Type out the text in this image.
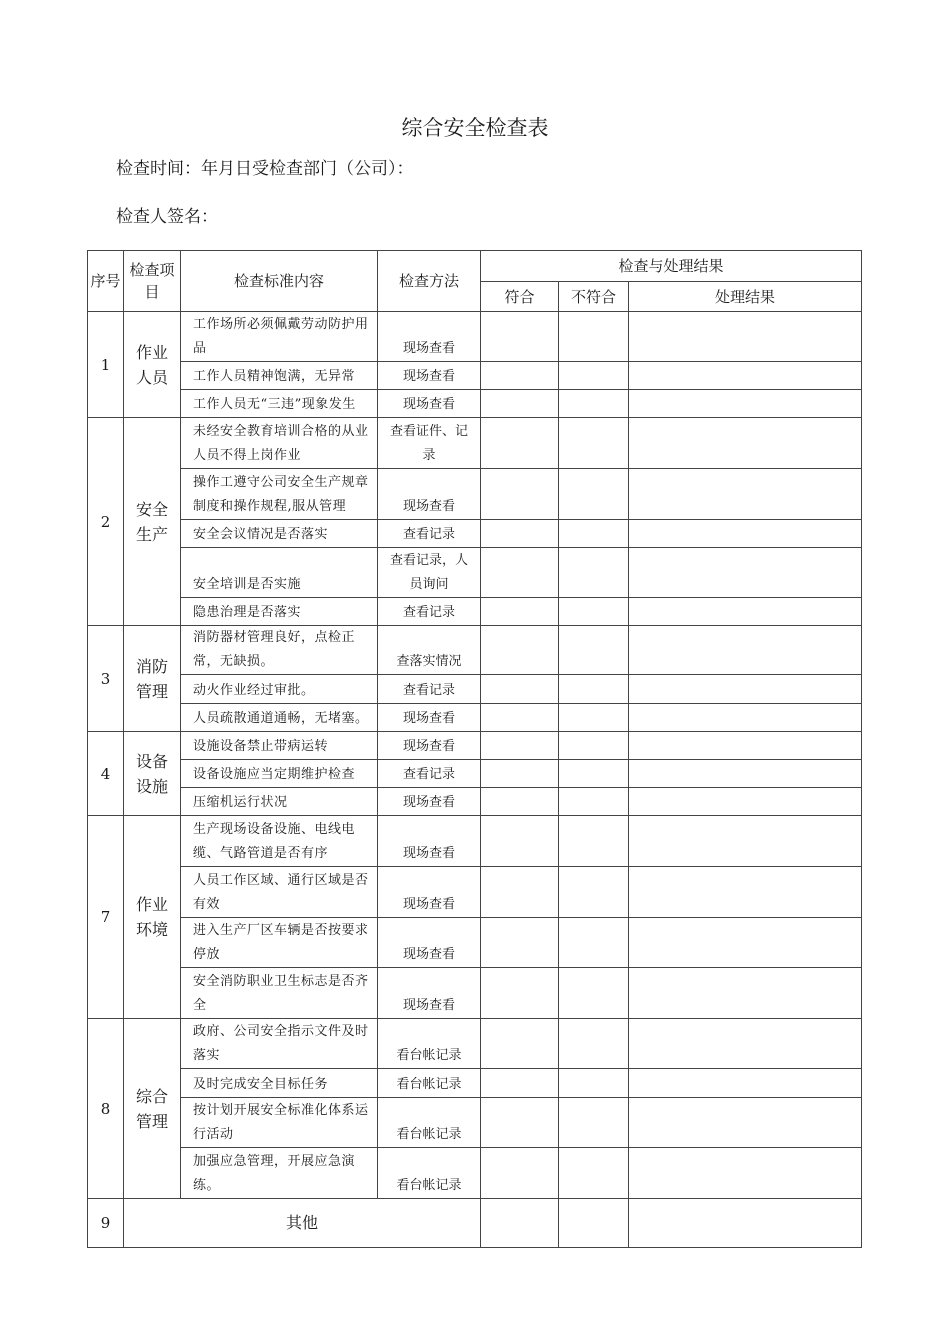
综合安全检查表
检查时间：年月日受检查部门（公司）：
检查人签名：
序号	检查项目	检查标准内容	检查方法	检查与处理结果		
				符合	不符合	处理结果
1	作业人员	工作场所必须佩戴劳动防护用品	现场查看			
		工作人员精神饱满，无异常	现场查看			
		工作人员无“三违”现象发生	现场查看			
2	安全生产	未经安全教育培训合格的从业人员不得上岗作业	查看证件、记录			
		操作工遵守公司安全生产规章制度和操作规程,服从管理	现场查看			
		安全会议情况是否落实	查看记录			
		安全培训是否实施	查看记录，人员询问			
		隐患治理是否落实	查看记录			
3	消防管理	消防器材管理良好，点检正常，无缺损。	查落实情况			
		动火作业经过审批。	查看记录			
		人员疏散通道通畅，无堵塞。	现场查看			
4	设备设施	设施设备禁止带病运转	现场查看			
		设备设施应当定期维护检查	查看记录			
		压缩机运行状况	现场查看			
7	作业环境	生产现场设备设施、电线电缆、气路管道是否有序	现场查看			
		人员工作区域、通行区域是否有效	现场查看			
		进入生产厂区车辆是否按要求停放	现场查看			
		安全消防职业卫生标志是否齐全	现场查看			
8	综合管理	政府、公司安全指示文件及时落实	看台帐记录			
		及时完成安全目标任务	看台帐记录			
		按计划开展安全标准化体系运行活动	看台帐记录			
		加强应急管理，开展应急演练。	看台帐记录			
9	其他					
